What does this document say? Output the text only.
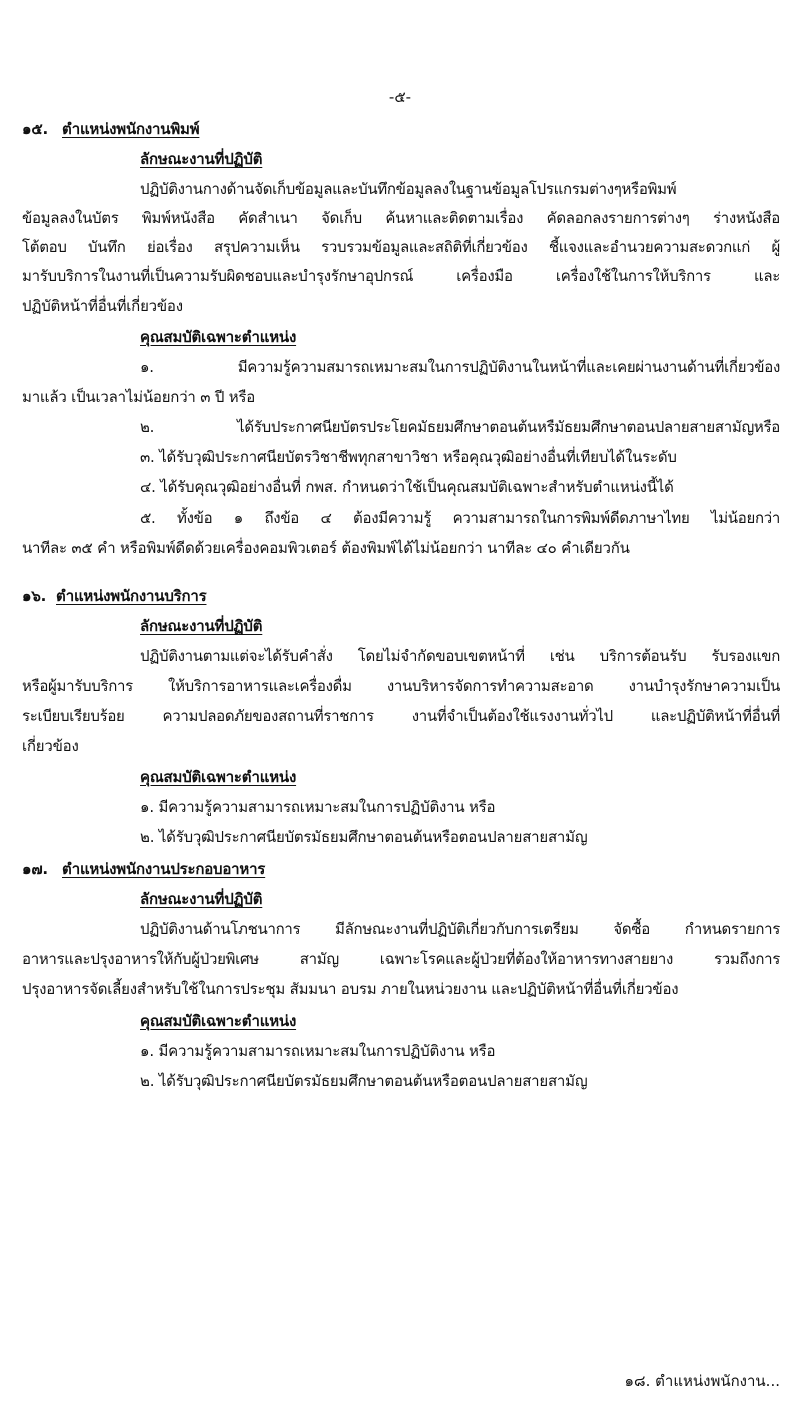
-๕-
๑๕. ตำแหน่งพนักงานพิมพ์
ลักษณะงานที่ปฏิบัติ
ปฏิบัติงานกางด้านจัดเก็บข้อมูลและบันทึกข้อมูลลงในฐานข้อมูลโปรแกรมต่างๆหรือพิมพ์
ข้อมูลลงในบัตร พิมพ์หนังสือ คัดสำเนา จัดเก็บ ค้นหาและติดตามเรื่อง คัดลอกลงรายการต่างๆ ร่างหนังสือ
โต้ตอบ บันทึก ย่อเรื่อง สรุปความเห็น รวบรวมข้อมูลและสถิติที่เกี่ยวข้อง ชี้แจงและอำนวยความสะดวกแก่ ผู้
มารับบริการในงานที่เป็นความรับผิดชอบและบำรุงรักษาอุปกรณ์ เครื่องมือ เครื่องใช้ในการให้บริการ และ
ปฏิบัติหน้าที่อื่นที่เกี่ยวข้อง
คุณสมบัติเฉพาะตำแหน่ง
๑. มีความรู้ความสมารถเหมาะสมในการปฏิบัติงานในหน้าที่และเคยผ่านงานด้านที่เกี่ยวข้อง
มาแล้ว เป็นเวลาไม่น้อยกว่า ๓ ปี หรือ
๒. ได้รับประกาศนียบัตรประโยคมัธยมศึกษาตอนต้นหรืมัธยมศึกษาตอนปลายสายสามัญหรือ
๓. ได้รับวุฒิประกาศนียบัตรวิชาชีพทุกสาขาวิชา หรือคุณวุฒิอย่างอื่นที่เทียบได้ในระดับ
๔. ได้รับคุณวุฒิอย่างอื่นที่ กพส. กำหนดว่าใช้เป็นคุณสมบัติเฉพาะสำหรับตำแหน่งนี้ได้
๕. ทั้งข้อ ๑ ถึงข้อ ๔ ต้องมีความรู้ ความสามารถในการพิมพ์ดีดภาษาไทย ไม่น้อยกว่า
นาทีละ ๓๕ คำ หรือพิมพ์ดีดด้วยเครื่องคอมพิวเตอร์ ต้องพิมพ์ได้ไม่น้อยกว่า นาทีละ ๔๐ คำเดียวกัน
๑๖. ตำแหน่งพนักงานบริการ
ลักษณะงานที่ปฏิบัติ
ปฏิบัติงานตามแต่จะได้รับคำสั่ง โดยไม่จำกัดขอบเขตหน้าที่ เช่น บริการต้อนรับ รับรองแขก
หรือผู้มารับบริการ ให้บริการอาหารและเครื่องดื่ม งานบริหารจัดการทำความสะอาด งานบำรุงรักษาความเป็น
ระเบียบเรียบร้อย ความปลอดภัยของสถานที่ราชการ งานที่จำเป็นต้องใช้แรงงานทั่วไป และปฏิบัติหน้าที่อื่นที่
เกี่ยวข้อง
คุณสมบัติเฉพาะตำแหน่ง
๑. มีความรู้ความสามารถเหมาะสมในการปฏิบัติงาน หรือ
๒. ได้รับวุฒิประกาศนียบัตรมัธยมศึกษาตอนต้นหรือตอนปลายสายสามัญ
๑๗. ตำแหน่งพนักงานประกอบอาหาร
ลักษณะงานที่ปฏิบัติ
ปฏิบัติงานด้านโภชนาการ มีลักษณะงานที่ปฏิบัติเกี่ยวกับการเตรียม จัดซื้อ กำหนดรายการ
อาหารและปรุงอาหารให้กับผู้ป่วยพิเศษ สามัญ เฉพาะโรคและผู้ป่วยที่ต้องให้อาหารทางสายยาง รวมถึงการ
ปรุงอาหารจัดเลี้ยงสำหรับใช้ในการประชุม สัมมนา อบรม ภายในหน่วยงาน และปฏิบัติหน้าที่อื่นที่เกี่ยวข้อง
คุณสมบัติเฉพาะตำแหน่ง
๑. มีความรู้ความสามารถเหมาะสมในการปฏิบัติงาน หรือ
๒. ได้รับวุฒิประกาศนียบัตรมัธยมศึกษาตอนต้นหรือตอนปลายสายสามัญ
๑๘. ตำแหน่งพนักงาน...
